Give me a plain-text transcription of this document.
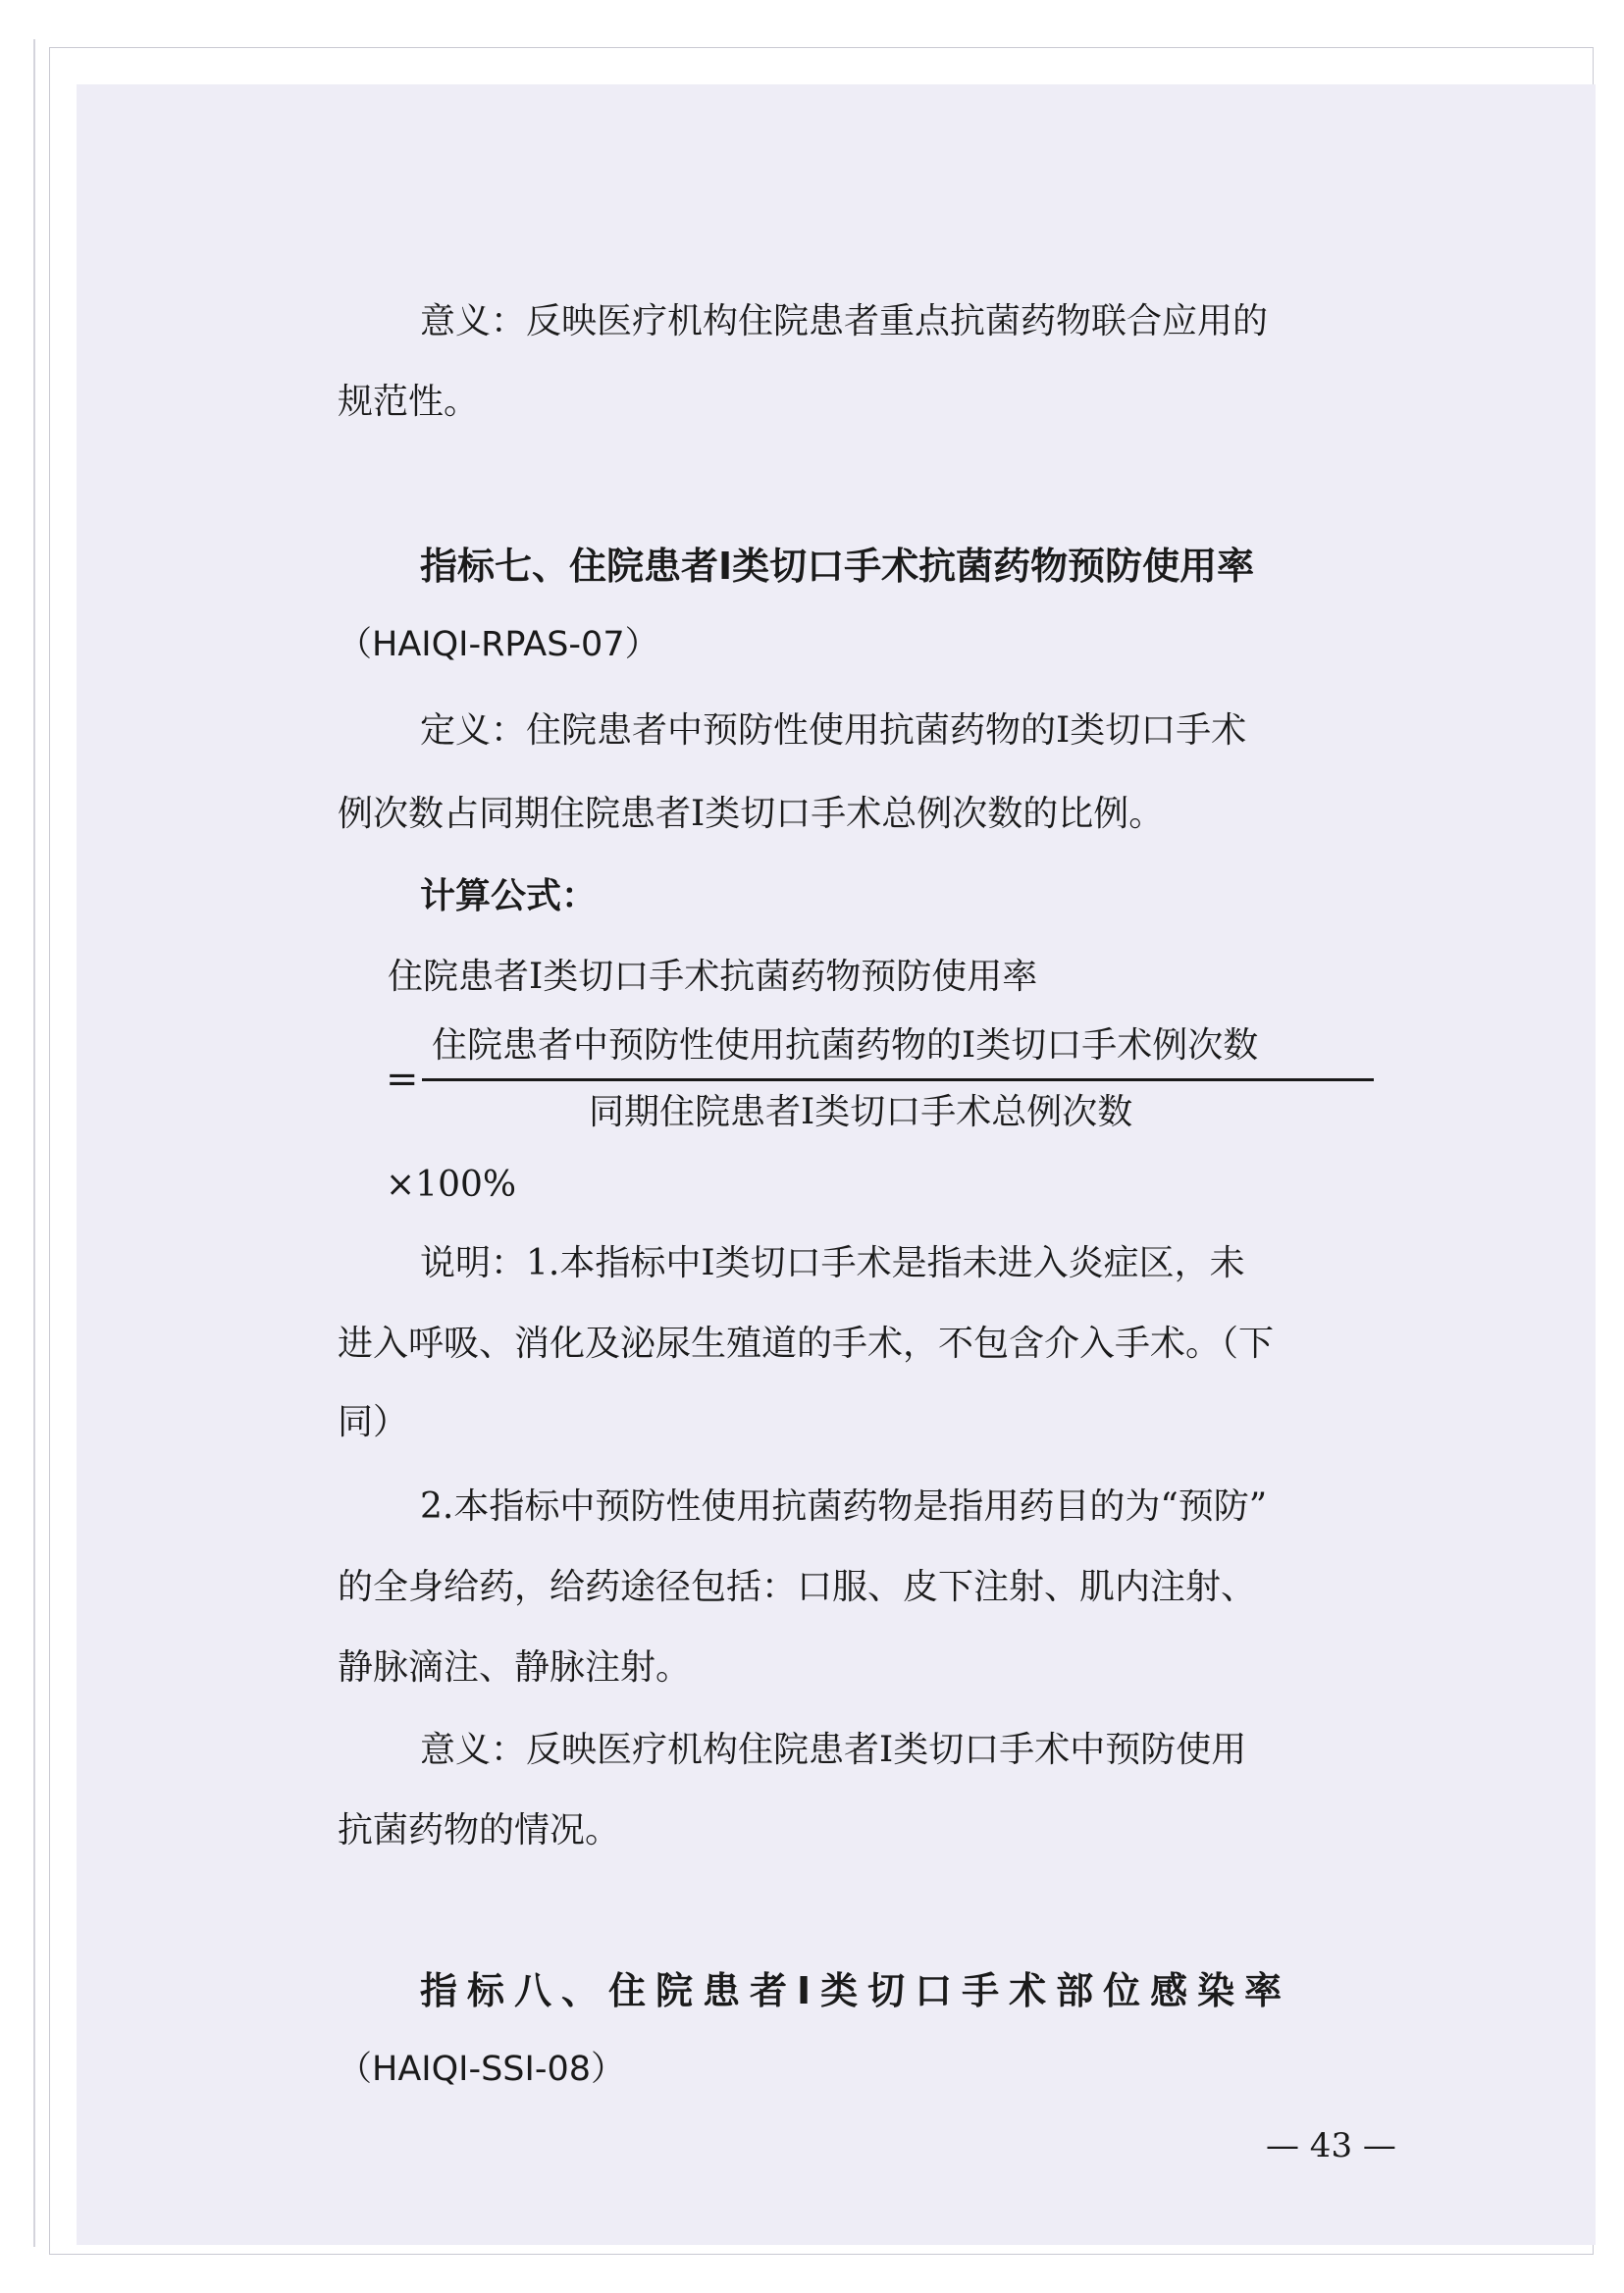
意义：反映医疗机构住院患者重点抗菌药物联合应用的
规范性。
指标七、住院患者Ⅰ类切口手术抗菌药物预防使用率
（HAIQI-RPAS-07）
定义：住院患者中预防性使用抗菌药物的Ⅰ类切口手术
例次数占同期住院患者Ⅰ类切口手术总例次数的比例。
计算公式：
住院患者Ⅰ类切口手术抗菌药物预防使用率
=
住院患者中预防性使用抗菌药物的Ⅰ类切口手术例次数
同期住院患者Ⅰ类切口手术总例次数
×100%
说明：1.本指标中Ⅰ类切口手术是指未进入炎症区，未
进入呼吸、消化及泌尿生殖道的手术，不包含介入手术。（下
同）
2.本指标中预防性使用抗菌药物是指用药目的为“预防”
的全身给药，给药途径包括：口服、皮下注射、肌内注射、
静脉滴注、静脉注射。
意义：反映医疗机构住院患者Ⅰ类切口手术中预防使用
抗菌药物的情况。
指标八、住院患者Ⅰ类切口手术部位感染率
（HAIQI-SSI-08）
— 43 —
